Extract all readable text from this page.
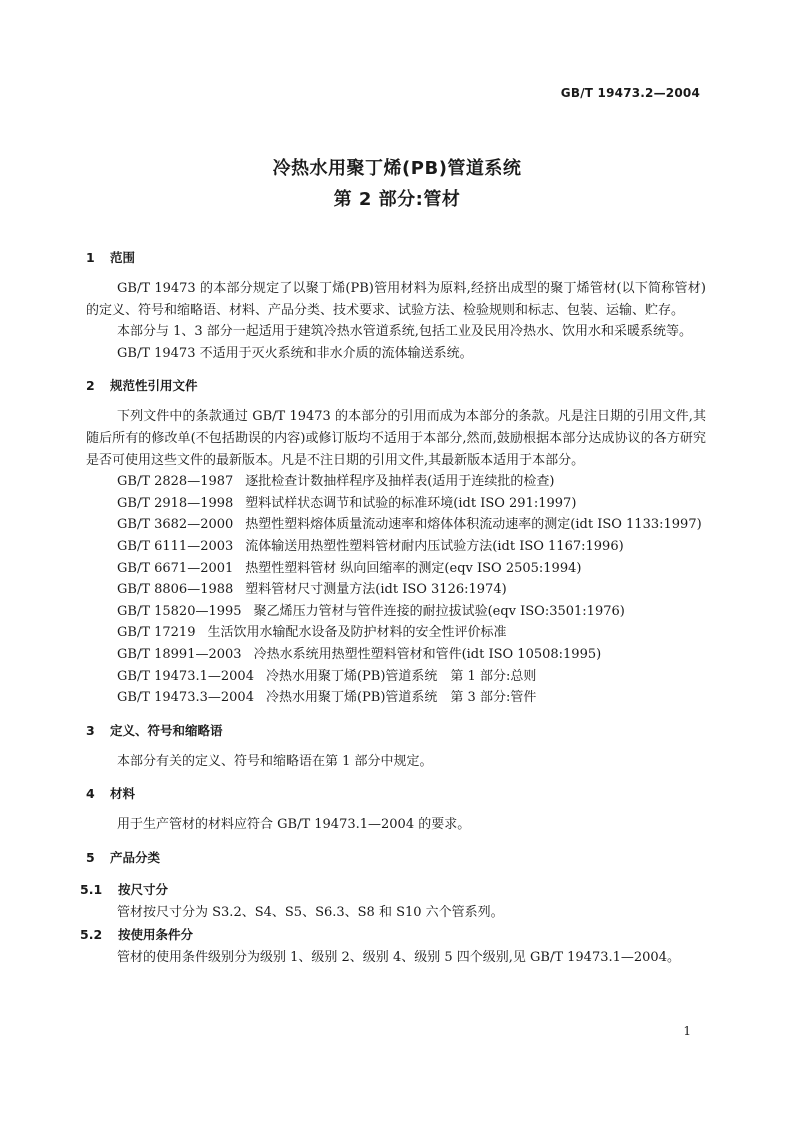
GB/T 19473.2—2004
冷热水用聚丁烯(PB)管道系统
第 2 部分:管材
1 范围

GB/T 19473 的本部分规定了以聚丁烯(PB)管用材料为原料,经挤出成型的聚丁烯管材(以下简称管材)的定义、符号和缩略语、材料、产品分类、技术要求、试验方法、检验规则和标志、包装、运输、贮存。

本部分与 1、3 部分一起适用于建筑冷热水管道系统,包括工业及民用冷热水、饮用水和采暖系统等。

GB/T 19473 不适用于灭火系统和非水介质的流体输送系统。

2 规范性引用文件

下列文件中的条款通过 GB/T 19473 的本部分的引用而成为本部分的条款。凡是注日期的引用文件,其随后所有的修改单(不包括勘误的内容)或修订版均不适用于本部分,然而,鼓励根据本部分达成协议的各方研究是否可使用这些文件的最新版本。凡是不注日期的引用文件,其最新版本适用于本部分。

GB/T 2828—1987 逐批检查计数抽样程序及抽样表(适用于连续批的检查)

GB/T 2918—1998 塑料试样状态调节和试验的标准环境(idt ISO 291:1997)

GB/T 3682—2000 热塑性塑料熔体质量流动速率和熔体体积流动速率的测定(idt ISO 1133:1997)

GB/T 6111—2003 流体输送用热塑性塑料管材耐内压试验方法(idt ISO 1167:1996)

GB/T 6671—2001 热塑性塑料管材 纵向回缩率的测定(eqv ISO 2505:1994)

GB/T 8806—1988 塑料管材尺寸测量方法(idt ISO 3126:1974)

GB/T 15820—1995 聚乙烯压力管材与管件连接的耐拉拔试验(eqv ISO:3501:1976)

GB/T 17219 生活饮用水输配水设备及防护材料的安全性评价标准

GB/T 18991—2003 冷热水系统用热塑性塑料管材和管件(idt ISO 10508:1995)

GB/T 19473.1—2004 冷热水用聚丁烯(PB)管道系统　第 1 部分:总则

GB/T 19473.3—2004 冷热水用聚丁烯(PB)管道系统　第 3 部分:管件

3 定义、符号和缩略语

本部分有关的定义、符号和缩略语在第 1 部分中规定。

4 材料

用于生产管材的材料应符合 GB/T 19473.1—2004 的要求。

5 产品分类
5.1 按尺寸分

管材按尺寸分为 S3.2、S4、S5、S6.3、S8 和 S10 六个管系列。

5.2 按使用条件分

管材的使用条件级别分为级别 1、级别 2、级别 4、级别 5 四个级别,见 GB/T 19473.1—2004。

1
